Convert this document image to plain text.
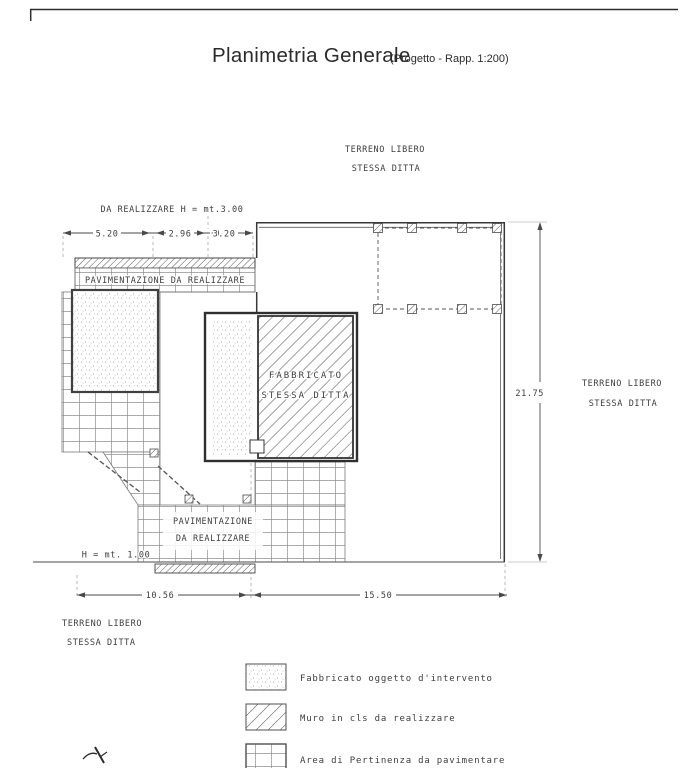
Planimetria Generale
(Progetto - Rapp. 1:200)
TERRENO LIBERO
STESSA DITTA
DA REALIZZARE H = mt.3.00
5.20	2.96 3.20
PAVIMENTAZIONE DA REALIZZARE
FABBRICATO
STESSA DITTA
PAVIMENTAZIONE
DA REALIZZARE
H = mt. 1.00
10.56	15.50
21.75
TERRENO LIBERO
STESSA DITTA
TERRENO LIBERO
STESSA DITTA
Fabbricato oggetto d'intervento
Muro in cls da realizzare
Area di Pertinenza da pavimentare
